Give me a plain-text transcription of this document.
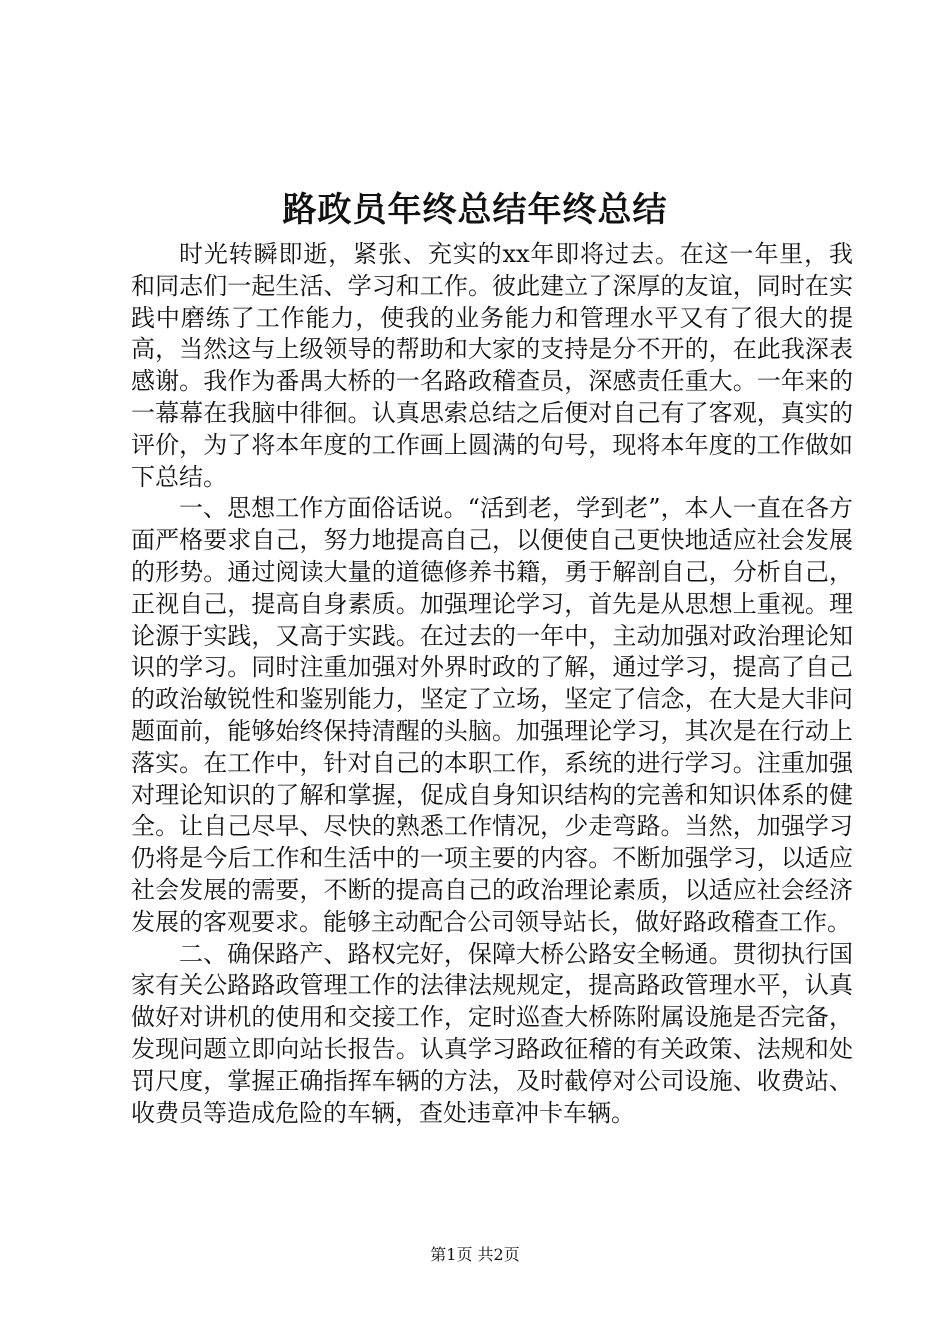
路政员年终总结年终总结

时光转瞬即逝，紧张、充实的xx年即将过去。在这一年里，我和同志们一起生活、学习和工作。彼此建立了深厚的友谊，同时在实践中磨练了工作能力，使我的业务能力和管理水平又有了很大的提高，当然这与上级领导的帮助和大家的支持是分不开的，在此我深表感谢。我作为番禺大桥的一名路政稽查员，深感责任重大。一年来的一幕幕在我脑中徘徊。认真思索总结之后便对自己有了客观，真实的评价，为了将本年度的工作画上圆满的句号，现将本年度的工作做如下总结。

一、思想工作方面俗话说。“活到老，学到老”，本人一直在各方面严格要求自己，努力地提高自己，以便使自己更快地适应社会发展的形势。通过阅读大量的道德修养书籍，勇于解剖自己，分析自己，正视自己，提高自身素质。加强理论学习，首先是从思想上重视。理论源于实践，又高于实践。在过去的一年中，主动加强对政治理论知识的学习。同时注重加强对外界时政的了解，通过学习，提高了自己的政治敏锐性和鉴别能力，坚定了立场，坚定了信念，在大是大非问题面前，能够始终保持清醒的头脑。加强理论学习，其次是在行动上落实。在工作中，针对自己的本职工作，系统的进行学习。注重加强对理论知识的了解和掌握，促成自身知识结构的完善和知识体系的健全。让自己尽早、尽快的熟悉工作情况，少走弯路。当然，加强学习仍将是今后工作和生活中的一项主要的内容。不断加强学习，以适应社会发展的需要，不断的提高自己的政治理论素质，以适应社会经济发展的客观要求。能够主动配合公司领导站长，做好路政稽查工作。

二、确保路产、路权完好，保障大桥公路安全畅通。贯彻执行国家有关公路路政管理工作的法律法规规定，提高路政管理水平，认真做好对讲机的使用和交接工作，定时巡查大桥陈附属设施是否完备，发现问题立即向站长报告。认真学习路政征稽的有关政策、法规和处罚尺度，掌握正确指挥车辆的方法，及时截停对公司设施、收费站、收费员等造成危险的车辆，查处违章冲卡车辆。

第1页 共2页
